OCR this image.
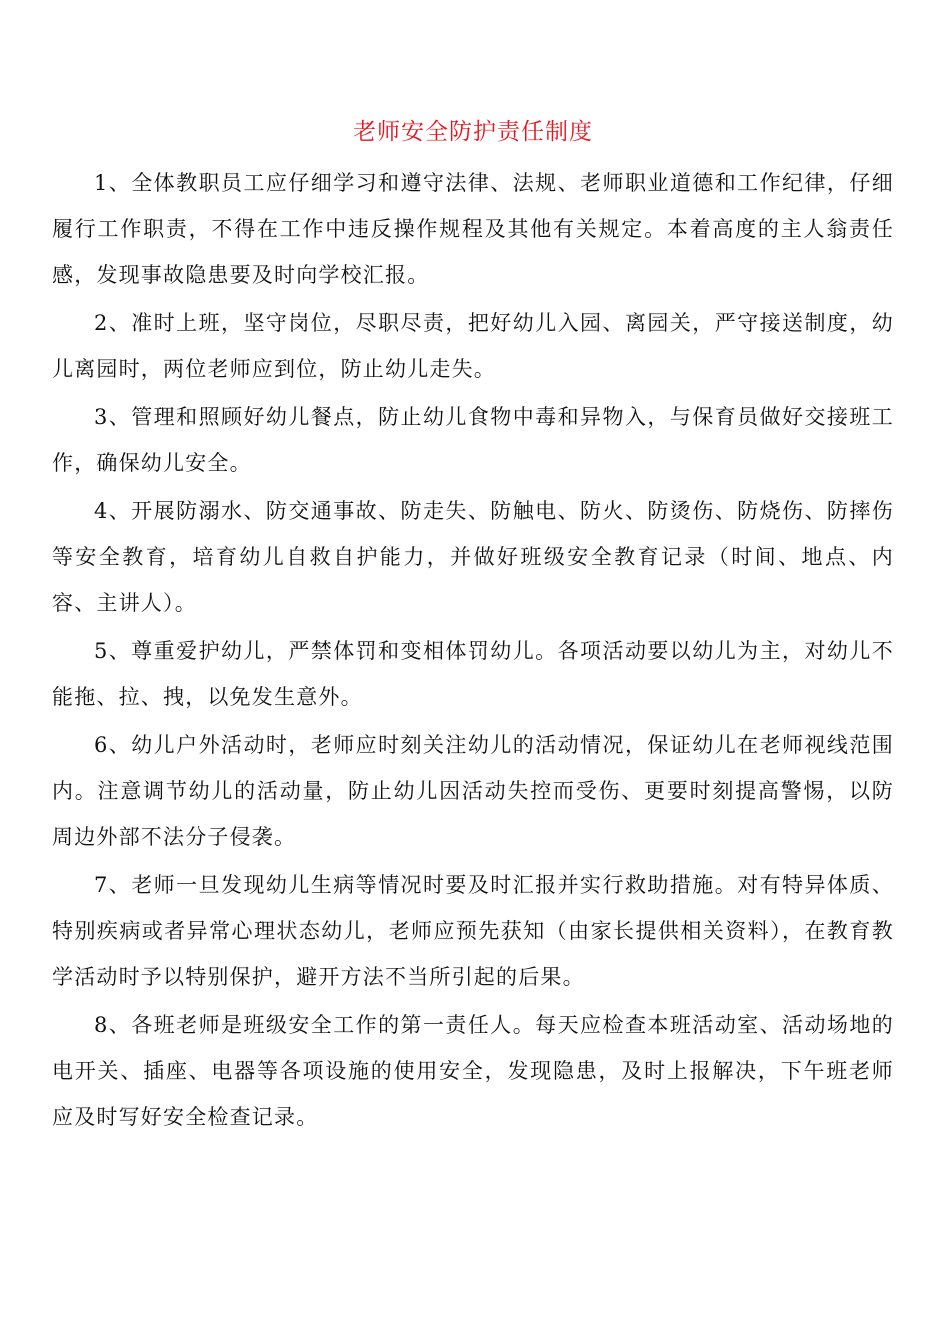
老师安全防护责任制度

1、全体教职员工应仔细学习和遵守法律、法规、老师职业道德和工作纪律，仔细履行工作职责，不得在工作中违反操作规程及其他有关规定。本着高度的主人翁责任感，发现事故隐患要及时向学校汇报。

2、准时上班，坚守岗位，尽职尽责，把好幼儿入园、离园关，严守接送制度，幼儿离园时，两位老师应到位，防止幼儿走失。

3、管理和照顾好幼儿餐点，防止幼儿食物中毒和异物入，与保育员做好交接班工作，确保幼儿安全。

4、开展防溺水、防交通事故、防走失、防触电、防火、防烫伤、防烧伤、防摔伤等安全教育，培育幼儿自救自护能力，并做好班级安全教育记录（时间、地点、内容、主讲人）。

5、尊重爱护幼儿，严禁体罚和变相体罚幼儿。各项活动要以幼儿为主，对幼儿不能拖、拉、拽，以免发生意外。

6、幼儿户外活动时，老师应时刻关注幼儿的活动情况，保证幼儿在老师视线范围内。注意调节幼儿的活动量，防止幼儿因活动失控而受伤、更要时刻提高警惕，以防周边外部不法分子侵袭。

7、老师一旦发现幼儿生病等情况时要及时汇报并实行救助措施。对有特异体质、特别疾病或者异常心理状态幼儿，老师应预先获知（由家长提供相关资料），在教育教学活动时予以特别保护，避开方法不当所引起的后果。

8、各班老师是班级安全工作的第一责任人。每天应检查本班活动室、活动场地的电开关、插座、电器等各项设施的使用安全，发现隐患，及时上报解决，下午班老师应及时写好安全检查记录。
